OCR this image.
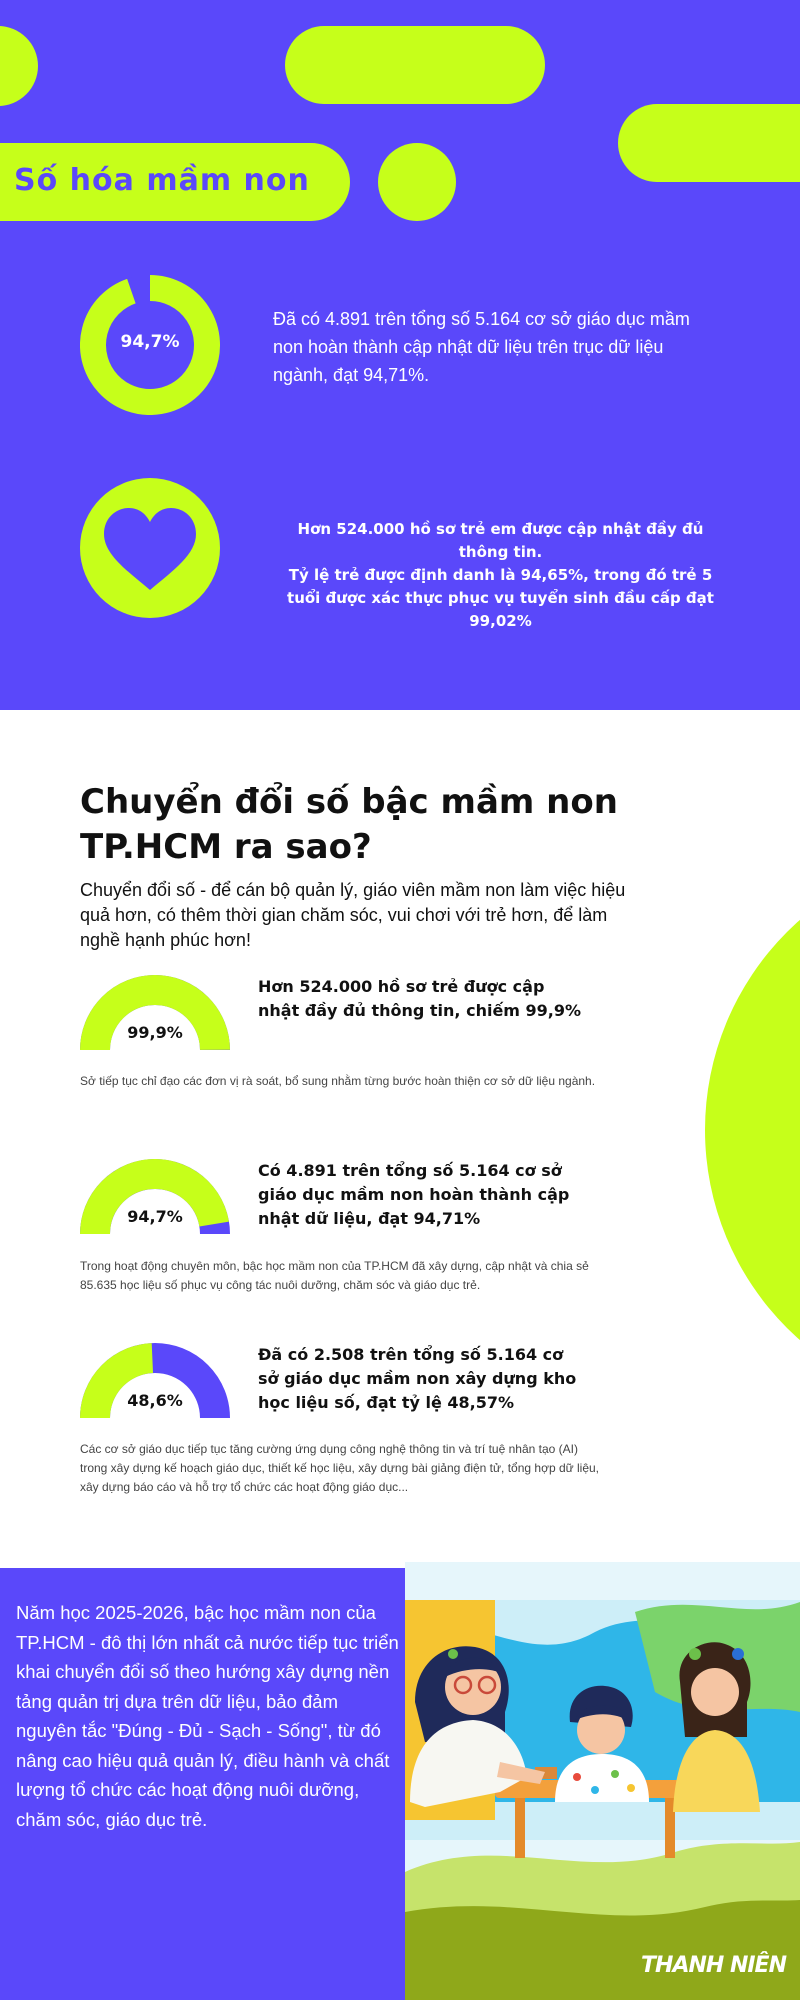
Số hóa mầm non
94,7%
Đã có 4.891 trên tổng số 5.164 cơ sở giáo dục mầm non hoàn thành cập nhật dữ liệu trên trục dữ liệu ngành, đạt 94,71%.
Hơn 524.000 hồ sơ trẻ em được cập nhật đầy đủ thông tin.
Tỷ lệ trẻ được định danh là 94,65%, trong đó trẻ 5 tuổi được xác thực phục vụ tuyển sinh đầu cấp đạt 99,02%
Chuyển đổi số bậc mầm non TP.HCM ra sao?
Chuyển đổi số - để cán bộ quản lý, giáo viên mầm non làm việc hiệu quả hơn, có thêm thời gian chăm sóc, vui chơi với trẻ hơn, để làm nghề hạnh phúc hơn!
99,9%
Hơn 524.000 hồ sơ trẻ được cập nhật đầy đủ thông tin, chiếm 99,9%
Sở tiếp tục chỉ đạo các đơn vị rà soát, bổ sung nhằm từng bước hoàn thiện cơ sở dữ liệu ngành.
94,7%
Có 4.891 trên tổng số 5.164 cơ sở giáo dục mầm non hoàn thành cập nhật dữ liệu, đạt 94,71%
Trong hoạt động chuyên môn, bậc học mầm non của TP.HCM đã xây dựng, cập nhật và chia sẻ 85.635 học liệu số phục vụ công tác nuôi dưỡng, chăm sóc và giáo dục trẻ.
48,6%
Đã có 2.508 trên tổng số 5.164 cơ sở giáo dục mầm non xây dựng kho học liệu số, đạt tỷ lệ 48,57%
Các cơ sở giáo dục tiếp tục tăng cường ứng dụng công nghệ thông tin và trí tuệ nhân tạo (AI) trong xây dựng kế hoạch giáo dục, thiết kế học liệu, xây dựng bài giảng điện tử, tổng hợp dữ liệu, xây dựng báo cáo và hỗ trợ tổ chức các hoạt động giáo dục...
Năm học 2025-2026, bậc học mầm non của TP.HCM - đô thị lớn nhất cả nước tiếp tục triển khai chuyển đổi số theo hướng xây dựng nền tảng quản trị dựa trên dữ liệu, bảo đảm nguyên tắc "Đúng - Đủ - Sạch - Sống", từ đó nâng cao hiệu quả quản lý, điều hành và chất lượng tổ chức các hoạt động nuôi dưỡng, chăm sóc, giáo dục trẻ.
THANH NIÊN
